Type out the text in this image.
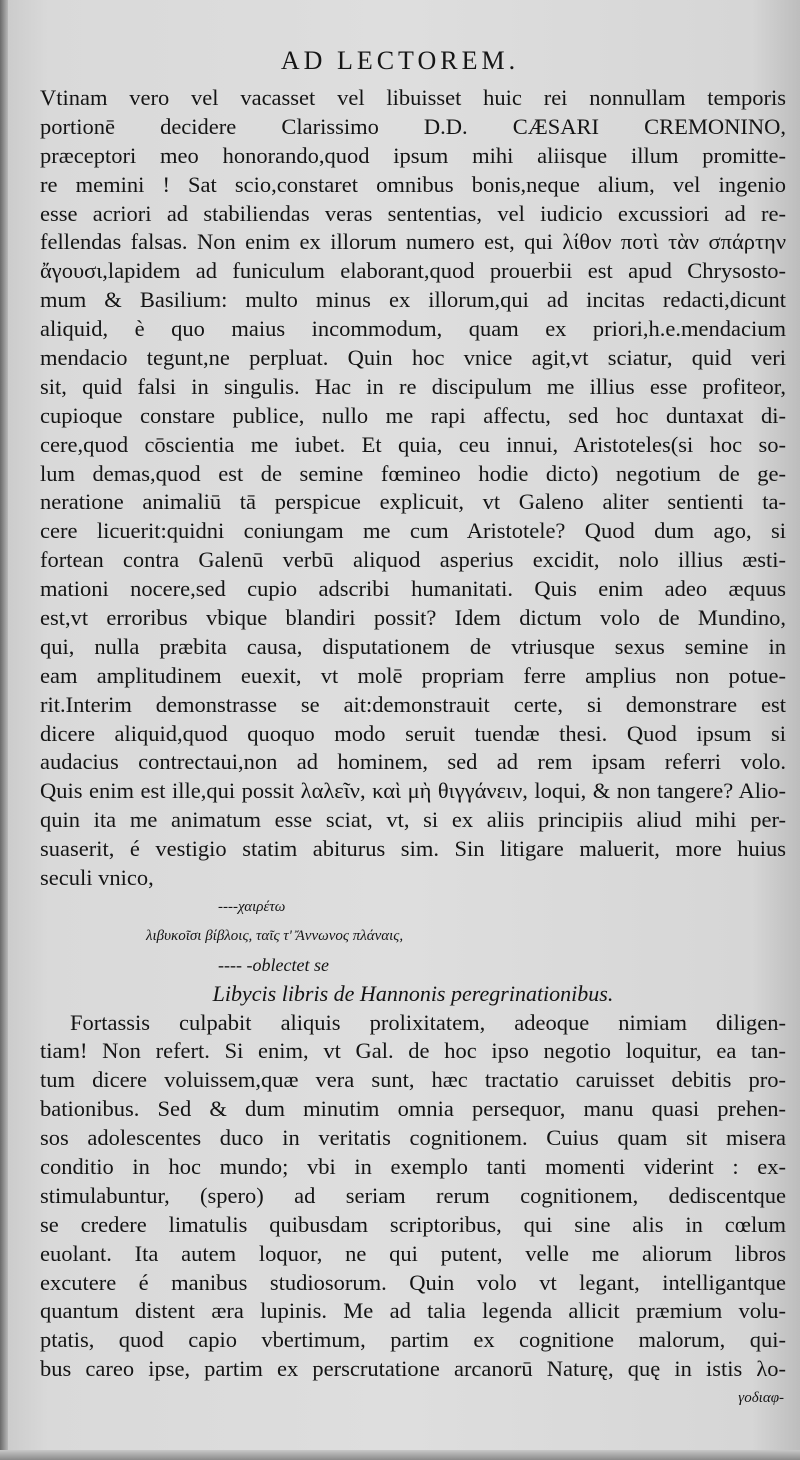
AD LECTOREM.
Vtinam vero vel vacasset vel libuisset huic rei nonnullam temporis
portionē decidere Clarissimo D.D. CÆSARI CREMONINO,
præceptori meo honorando,quod ipsum mihi aliisque illum promitte-
re memini ! Sat scio,constaret omnibus bonis,neque alium, vel ingenio
esse acriori ad stabiliendas veras sententias, vel iudicio excussiori ad re-
fellendas falsas. Non enim ex illorum numero est, qui λίθον ποτὶ τὰν σπάρτην
ἄγουσι,lapidem ad funiculum elaborant,quod prouerbii est apud Chrysosto-
mum & Basilium: multo minus ex illorum,qui ad incitas redacti,dicunt
aliquid, è quo maius incommodum, quam ex priori,h.e.mendacium
mendacio tegunt,ne perpluat. Quin hoc vnice agit,vt sciatur, quid veri
sit, quid falsi in singulis. Hac in re discipulum me illius esse profiteor,
cupioque constare publice, nullo me rapi affectu, sed hoc duntaxat di-
cere,quod cōscientia me iubet. Et quia, ceu innui, Aristoteles(si hoc so-
lum demas,quod est de semine fœmineo hodie dicto) negotium de ge-
neratione animaliū tā perspicue explicuit, vt Galeno aliter sentienti ta-
cere licuerit:quidni coniungam me cum Aristotele? Quod dum ago, si
fortean contra Galenū verbū aliquod asperius excidit, nolo illius æsti-
mationi nocere,sed cupio adscribi humanitati. Quis enim adeo æquus
est,vt erroribus vbique blandiri possit? Idem dictum volo de Mundino,
qui, nulla præbita causa, disputationem de vtriusque sexus semine in
eam amplitudinem euexit, vt molē propriam ferre amplius non potue-
rit.Interim demonstrasse se ait:demonstrauit certe, si demonstrare est
dicere aliquid,quod quoquo modo seruit tuendæ thesi. Quod ipsum si
audacius contrectaui,non ad hominem, sed ad rem ipsam referri volo.
Quis enim est ille,qui possit λαλεῖν, καὶ μὴ θιγγάνειν, loqui, & non tangere? Alio-
quin ita me animatum esse sciat, vt, si ex aliis principiis aliud mihi per-
suaserit, é vestigio statim abiturus sim. Sin litigare maluerit, more huius
seculi vnico,
----χαιρέτω
λιβυκοῖσι βίβλοις, ταῖς τ' Ἄννωνος πλάναις,
---- -oblectet se
Libycis libris de Hannonis peregrinationibus.
Fortassis culpabit aliquis prolixitatem, adeoque nimiam diligen-
tiam! Non refert. Si enim, vt Gal. de hoc ipso negotio loquitur, ea tan-
tum dicere voluissem,quæ vera sunt, hæc tractatio caruisset debitis pro-
bationibus. Sed & dum minutim omnia persequor, manu quasi prehen-
sos adolescentes duco in veritatis cognitionem. Cuius quam sit misera
conditio in hoc mundo; vbi in exemplo tanti momenti viderint : ex-
stimulabuntur, (spero) ad seriam rerum cognitionem, dediscentque
se credere limatulis quibusdam scriptoribus, qui sine alis in cœlum
euolant. Ita autem loquor, ne qui putent, velle me aliorum libros
excutere é manibus studiosorum. Quin volo vt legant, intelligantque
quantum distent æra lupinis. Me ad talia legenda allicit præmium volu-
ptatis, quod capio vbertimum, partim ex cognitione malorum, qui-
bus careo ipse, partim ex perscrutatione arcanorū Naturę, quę in istis λο-
γοδιαφ-
